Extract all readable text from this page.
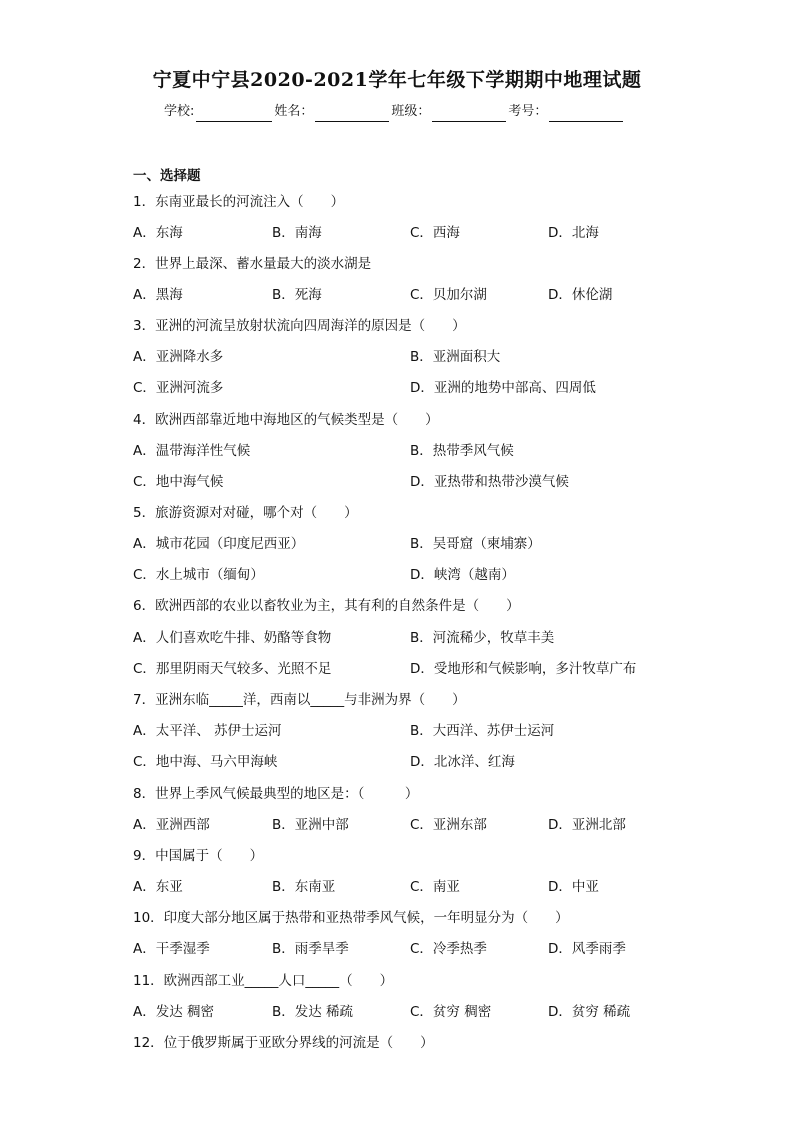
宁夏中宁县2020-2021学年七年级下学期期中地理试题
学校:	姓名：	班级：	考号：
一、选择题
1．东南亚最长的河流注入（　　）
A．东海	B．南海	C．西海	D．北海
2．世界上最深、蓄水量最大的淡水湖是
A．黑海	B．死海	C．贝加尔湖	D．休伦湖
3．亚洲的河流呈放射状流向四周海洋的原因是（　　）
A．亚洲降水多	B．亚洲面积大
C．亚洲河流多	D．亚洲的地势中部高、四周低
4．欧洲西部靠近地中海地区的气候类型是（　　）
A．温带海洋性气候	B．热带季风气候
C．地中海气候	D．亚热带和热带沙漠气候
5．旅游资源对对碰，哪个对（　　）
A．城市花园（印度尼西亚）	B．吴哥窟（柬埔寨）
C．水上城市（缅甸）	D．峡湾（越南）
6．欧洲西部的农业以畜牧业为主，其有利的自然条件是（　　）
A．人们喜欢吃牛排、奶酪等食物	B．河流稀少，牧草丰美
C．那里阴雨天气较多、光照不足	D．受地形和气候影响，多汁牧草广布
7．亚洲东临_____洋，西南以_____与非洲为界（　　）
A．太平洋、 苏伊士运河	B．大西洋、苏伊士运河
C．地中海、马六甲海峡	D．北冰洋、红海
8．世界上季风气候最典型的地区是：（　　　）
A．亚洲西部	B．亚洲中部	C．亚洲东部	D．亚洲北部
9．中国属于（　　）
A．东亚	B．东南亚	C．南亚	D．中亚
10．印度大部分地区属于热带和亚热带季风气候，一年明显分为（　　）
A．干季湿季	B．雨季旱季	C．冷季热季	D．风季雨季
11．欧洲西部工业_____人口_____（　　）
A．发达 稠密	B．发达 稀疏	C．贫穷 稠密	D．贫穷 稀疏
12．位于俄罗斯属于亚欧分界线的河流是（　　）
